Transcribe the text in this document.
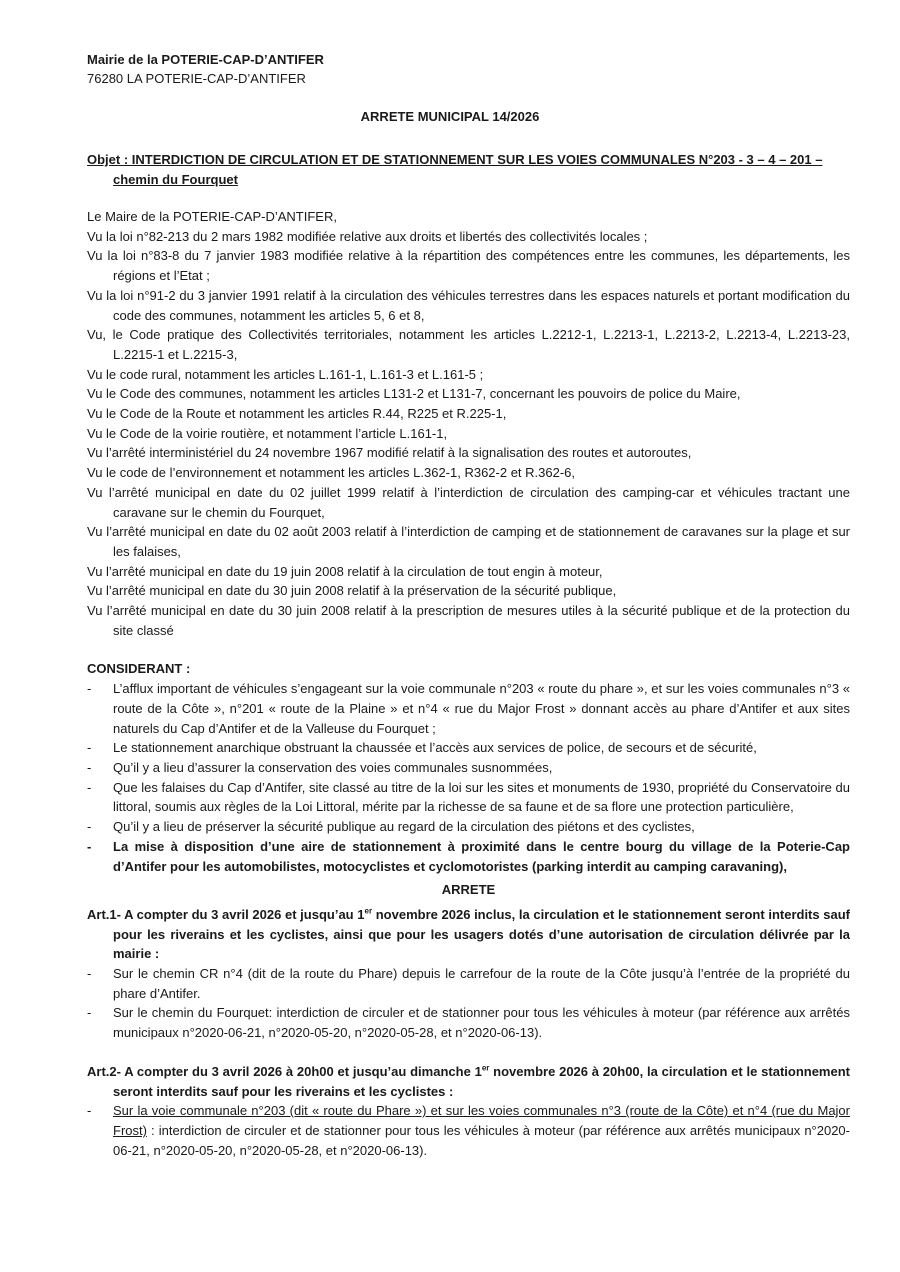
Mairie de la POTERIE-CAP-D’ANTIFER
76280 LA POTERIE-CAP-D’ANTIFER
ARRETE MUNICIPAL 14/2026
Objet : INTERDICTION DE CIRCULATION ET DE STATIONNEMENT SUR LES VOIES COMMUNALES N°203 - 3 – 4 – 201 – chemin du Fourquet

Le Maire de la POTERIE-CAP-D’ANTIFER,

Vu la loi n°82-213 du 2 mars 1982 modifiée relative aux droits et libertés des collectivités locales ;

Vu la loi n°83-8 du 7 janvier 1983 modifiée relative à la répartition des compétences entre les communes, les départements, les régions et l’Etat ;

Vu la loi n°91-2 du 3 janvier 1991 relatif à la circulation des véhicules terrestres dans les espaces naturels et portant modification du code des communes, notamment les articles 5, 6 et 8,

Vu, le Code pratique des Collectivités territoriales, notamment les articles L.2212-1, L.2213-1, L.2213-2, L.2213-4, L.2213-23, L.2215-1 et L.2215-3,

Vu le code rural, notamment les articles L.161-1, L.161-3 et L.161-5 ;

Vu le Code des communes, notamment les articles L131-2 et L131-7, concernant les pouvoirs de police du Maire,

Vu le Code de la Route et notamment les articles R.44, R225 et R.225-1,

Vu le Code de la voirie routière, et notamment l’article L.161-1,

Vu l’arrêté interministériel du 24 novembre 1967 modifié relatif à la signalisation des routes et autoroutes,

Vu le code de l’environnement et notamment les articles L.362-1, R362-2 et R.362-6,

Vu l’arrêté municipal en date du 02 juillet 1999 relatif à l’interdiction de circulation des camping-car et véhicules tractant une caravane sur le chemin du Fourquet,

Vu l’arrêté municipal en date du 02 août 2003 relatif à l’interdiction de camping et de stationnement de caravanes sur la plage et sur les falaises,

Vu l’arrêté municipal en date du 19 juin 2008 relatif à la circulation de tout engin à moteur,

Vu l’arrêté municipal en date du 30 juin 2008 relatif à la préservation de la sécurité publique,

Vu l’arrêté municipal en date du 30 juin 2008 relatif à la prescription de mesures utiles à la sécurité publique et de la protection du site classé

CONSIDERANT :

- L’afflux important de véhicules s’engageant sur la voie communale n°203 « route du phare », et sur les voies communales n°3 « route de la Côte », n°201 « route de la Plaine » et n°4 « rue du Major Frost » donnant accès au phare d’Antifer et aux sites naturels du Cap d’Antifer et de la Valleuse du Fourquet ;

- Le stationnement anarchique obstruant la chaussée et l’accès aux services de police, de secours et de sécurité,

- Qu’il y a lieu d’assurer la conservation des voies communales susnommées,

- Que les falaises du Cap d’Antifer, site classé au titre de la loi sur les sites et monuments de 1930, propriété du Conservatoire du littoral, soumis aux règles de la Loi Littoral, mérite par la richesse de sa faune et de sa flore une protection particulière,

- Qu’il y a lieu de préserver la sécurité publique au regard de la circulation des piétons et des cyclistes,

- La mise à disposition d’une aire de stationnement à proximité dans le centre bourg du village de la Poterie-Cap d’Antifer pour les automobilistes, motocyclistes et cyclomotoristes (parking interdit au camping caravaning),

ARRETE

Art.1- A compter du 3 avril 2026 et jusqu’au 1er novembre 2026 inclus, la circulation et le stationnement seront interdits sauf pour les riverains et les cyclistes, ainsi que pour les usagers dotés d’une autorisation de circulation délivrée par la mairie :

- Sur le chemin CR n°4 (dit de la route du Phare) depuis le carrefour de la route de la Côte jusqu’à l’entrée de la propriété du phare d’Antifer.

- Sur le chemin du Fourquet: interdiction de circuler et de stationner pour tous les véhicules à moteur (par référence aux arrêtés municipaux n°2020-06-21, n°2020-05-20, n°2020-05-28, et n°2020-06-13).

Art.2- A compter du 3 avril 2026 à 20h00 et jusqu’au dimanche 1er novembre 2026 à 20h00, la circulation et le stationnement seront interdits sauf pour les riverains et les cyclistes :

- Sur la voie communale n°203 (dit « route du Phare ») et sur les voies communales n°3 (route de la Côte) et n°4 (rue du Major Frost) : interdiction de circuler et de stationner pour tous les véhicules à moteur (par référence aux arrêtés municipaux n°2020-06-21, n°2020-05-20, n°2020-05-28, et n°2020-06-13).
